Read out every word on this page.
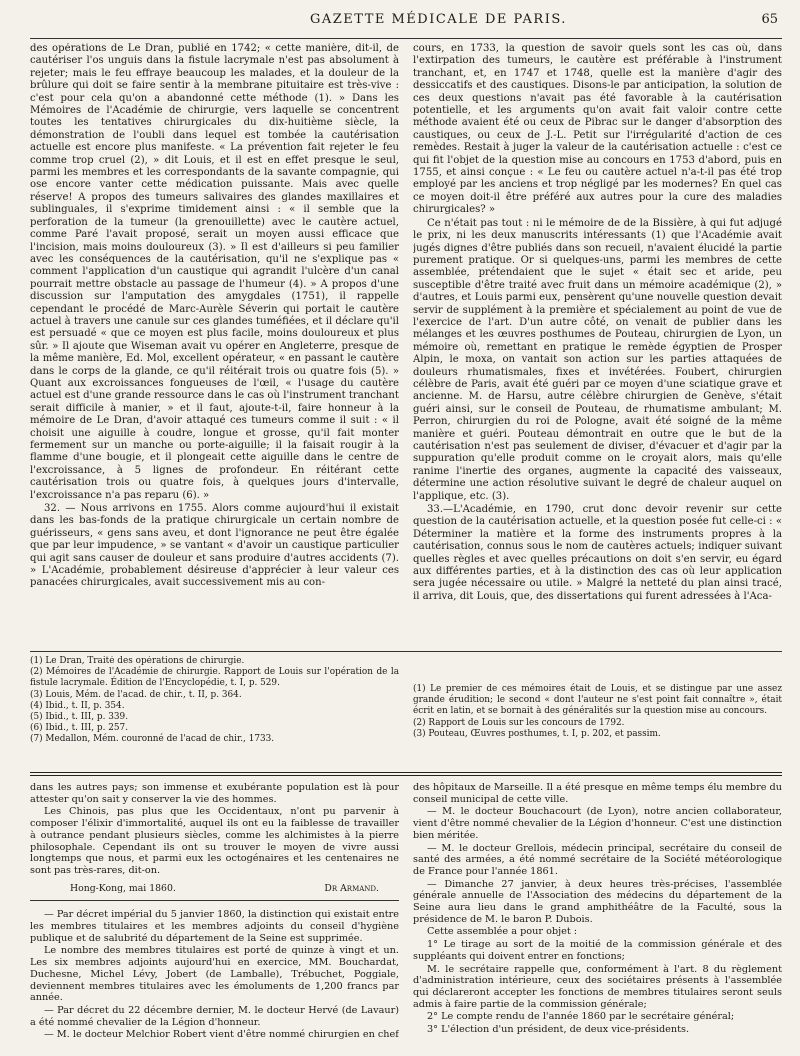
GAZETTE MÉDICALE DE PARIS.	65

des opérations de Le Dran, publié en 1742; « cette manière, dit-il, de cautériser l'os unguis dans la fistule lacrymale n'est pas absolument à rejeter; mais le feu effraye beaucoup les malades, et la douleur de la brûlure qui doit se faire sentir à la membrane pituitaire est très-vive : c'est pour cela qu'on a abandonné cette méthode (1). » Dans les Mémoires de l'Académie de chirurgie, vers laquelle se concentrent toutes les tentatives chirurgicales du dix-huitième siècle, la démonstration de l'oubli dans lequel est tombée la cautérisation actuelle est encore plus manifeste. « La prévention fait rejeter le feu comme trop cruel (2), » dit Louis, et il est en effet presque le seul, parmi les membres et les correspondants de la savante compagnie, qui ose encore vanter cette médication puissante. Mais avec quelle réserve! A propos des tumeurs salivaires des glandes maxillaires et sublinguales, il s'exprime timidement ainsi : « il semble que la perforation de la tumeur (la grenouillette) avec le cautère actuel, comme Paré l'avait proposé, serait un moyen aussi efficace que l'incision, mais moins douloureux (3). » Il est d'ailleurs si peu familier avec les conséquences de la cautérisation, qu'il ne s'explique pas « comment l'application d'un caustique qui agrandit l'ulcère d'un canal pourrait mettre obstacle au passage de l'humeur (4). » A propos d'une discussion sur l'amputation des amygdales (1751), il rappelle cependant le procédé de Marc-Aurèle Séverin qui portait le cautère actuel à travers une canule sur ces glandes tuméfiées, et il déclare qu'il est persuadé « que ce moyen est plus facile, moins douloureux et plus sûr. » Il ajoute que Wiseman avait vu opérer en Angleterre, presque de la même manière, Ed. Mol, excellent opérateur, « en passant le cautère dans le corps de la glande, ce qu'il réitérait trois ou quatre fois (5). » Quant aux excroissances fongueuses de l'œil, « l'usage du cautère actuel est d'une grande ressource dans le cas où l'instrument tranchant serait difficile à manier, » et il faut, ajoute-t-il, faire honneur à la mémoire de Le Dran, d'avoir attaqué ces tumeurs comme il suit : « il choisit une aiguille à coudre, longue et grosse, qu'il fait monter fermement sur un manche ou porte-aiguille; il la faisait rougir à la flamme d'une bougie, et il plongeait cette aiguille dans le centre de l'excroissance, à 5 lignes de profondeur. En réitérant cette cautérisation trois ou quatre fois, à quelques jours d'intervalle, l'excroissance n'a pas reparu (6). »

32. — Nous arrivons en 1755. Alors comme aujourd'hui il existait dans les bas-fonds de la pratique chirurgicale un certain nombre de guérisseurs, « gens sans aveu, et dont l'ignorance ne peut être égalée que par leur impudence, » se vantant « d'avoir un caustique particulier qui agit sans causer de douleur et sans produire d'autres accidents (7). » L'Académie, probablement désireuse d'apprécier à leur valeur ces panacées chirurgicales, avait successivement mis au con-

cours, en 1733, la question de savoir quels sont les cas où, dans l'extirpation des tumeurs, le cautère est préférable à l'instrument tranchant, et, en 1747 et 1748, quelle est la manière d'agir des dessiccatifs et des caustiques. Disons-le par anticipation, la solution de ces deux questions n'avait pas été favorable à la cautérisation potentielle, et les arguments qu'on avait fait valoir contre cette méthode avaient été ou ceux de Pibrac sur le danger d'absorption des caustiques, ou ceux de J.-L. Petit sur l'irrégularité d'action de ces remèdes. Restait à juger la valeur de la cautérisation actuelle : c'est ce qui fit l'objet de la question mise au concours en 1753 d'abord, puis en 1755, et ainsi conçue : « Le feu ou cautère actuel n'a-t-il pas été trop employé par les anciens et trop négligé par les modernes? En quel cas ce moyen doit-il être préféré aux autres pour la cure des maladies chirurgicales? »

Ce n'était pas tout : ni le mémoire de de la Bissière, à qui fut adjugé le prix, ni les deux manuscrits intéressants (1) que l'Académie avait jugés dignes d'être publiés dans son recueil, n'avaient élucidé la partie purement pratique. Or si quelques-uns, parmi les membres de cette assemblée, prétendaient que le sujet « était sec et aride, peu susceptible d'être traité avec fruit dans un mémoire académique (2), » d'autres, et Louis parmi eux, pensèrent qu'une nouvelle question devait servir de supplément à la première et spécialement au point de vue de l'exercice de l'art. D'un autre côté, on venait de publier dans les mélanges et les œuvres posthumes de Pouteau, chirurgien de Lyon, un mémoire où, remettant en pratique le remède égyptien de Prosper Alpin, le moxa, on vantait son action sur les parties attaquées de douleurs rhumatismales, fixes et invétérées. Foubert, chirurgien célèbre de Paris, avait été guéri par ce moyen d'une sciatique grave et ancienne. M. de Harsu, autre célèbre chirurgien de Genève, s'était guéri ainsi, sur le conseil de Pouteau, de rhumatisme ambulant; M. Perron, chirurgien du roi de Pologne, avait été soigné de la même manière et guéri. Pouteau démontrait en outre que le but de la cautérisation n'est pas seulement de diviser, d'évacuer et d'agir par la suppuration qu'elle produit comme on le croyait alors, mais qu'elle ranime l'inertie des organes, augmente la capacité des vaisseaux, détermine une action résolutive suivant le degré de chaleur auquel on l'applique, etc. (3).

33.—L'Académie, en 1790, crut donc devoir revenir sur cette question de la cautérisation actuelle, et la question posée fut celle-ci : « Déterminer la matière et la forme des instruments propres à la cautérisation, connus sous le nom de cautères actuels; indiquer suivant quelles règles et avec quelles précautions on doit s'en servir, eu égard aux différentes parties, et à la distinction des cas où leur application sera jugée nécessaire ou utile. » Malgré la netteté du plan ainsi tracé, il arriva, dit Louis, que, des dissertations qui furent adressées à l'Aca-

(1) Le Dran, Traité des opérations de chirurgie.

(2) Mémoires de l'Académie de chirurgie. Rapport de Louis sur l'opération de la fistule lacrymale. Édition de l'Encyclopédie, t. I, p. 529.

(3) Louis, Mém. de l'acad. de chir., t. II, p. 364.

(4) Ibid., t. II, p. 354.

(5) Ibid., t. III, p. 339.

(6) Ibid., t. III, p. 257.

(7) Medallon, Mém. couronné de l'acad de chir., 1733.

(1) Le premier de ces mémoires était de Louis, et se distingue par une assez grande érudition; le second « dont l'auteur ne s'est point fait connaître », était écrit en latin, et se bornait à des généralités sur la question mise au concours.

(2) Rapport de Louis sur les concours de 1792.

(3) Pouteau, Œuvres posthumes, t. I, p. 202, et passim.

dans les autres pays; son immense et exubérante population est là pour attester qu'on sait y conserver la vie des hommes.

Les Chinois, pas plus que les Occidentaux, n'ont pu parvenir à composer l'élixir d'immortalité, auquel ils ont eu la faiblesse de travailler à outrance pendant plusieurs siècles, comme les alchimistes à la pierre philosophale. Cependant ils ont su trouver le moyen de vivre aussi longtemps que nous, et parmi eux les octogénaires et les centenaires ne sont pas très-rares, dit-on.

Hong-Kong, mai 1860.	Dr Armand.

— Par décret impérial du 5 janvier 1860, la distinction qui existait entre les membres titulaires et les membres adjoints du conseil d'hygiène publique et de salubrité du département de la Seine est supprimée.

Le nombre des membres titulaires est porté de quinze à vingt et un. Les six membres adjoints aujourd'hui en exercice, MM. Bouchardat, Duchesne, Michel Lévy, Jobert (de Lamballe), Trébuchet, Poggiale, deviennent membres titulaires avec les émoluments de 1,200 francs par année.

— Par décret du 22 décembre dernier, M. le docteur Hervé (de Lavaur) a été nommé chevalier de la Légion d'honneur.

— M. le docteur Melchior Robert vient d'être nommé chirurgien en chef

des hôpitaux de Marseille. Il a été presque en même temps élu membre du conseil municipal de cette ville.

— M. le docteur Bouchacourt (de Lyon), notre ancien collaborateur, vient d'être nommé chevalier de la Légion d'honneur. C'est une distinction bien méritée.

— M. le docteur Grellois, médecin principal, secrétaire du conseil de santé des armées, a été nommé secrétaire de la Société météorologique de France pour l'année 1861.

— Dimanche 27 janvier, à deux heures très-précises, l'assemblée générale annuelle de l'Association des médecins du département de la Seine aura lieu dans le grand amphithéâtre de la Faculté, sous la présidence de M. le baron P. Dubois.

Cette assemblée a pour objet :

1° Le tirage au sort de la moitié de la commission générale et des suppléants qui doivent entrer en fonctions;

M. le secrétaire rappelle que, conformément à l'art. 8 du règlement d'administration intérieure, ceux des sociétaires présents à l'assemblée qui déclareront accepter les fonctions de membres titulaires seront seuls admis à faire partie de la commission générale;

2° Le compte rendu de l'année 1860 par le secrétaire général;

3° L'élection d'un président, de deux vice-présidents.
